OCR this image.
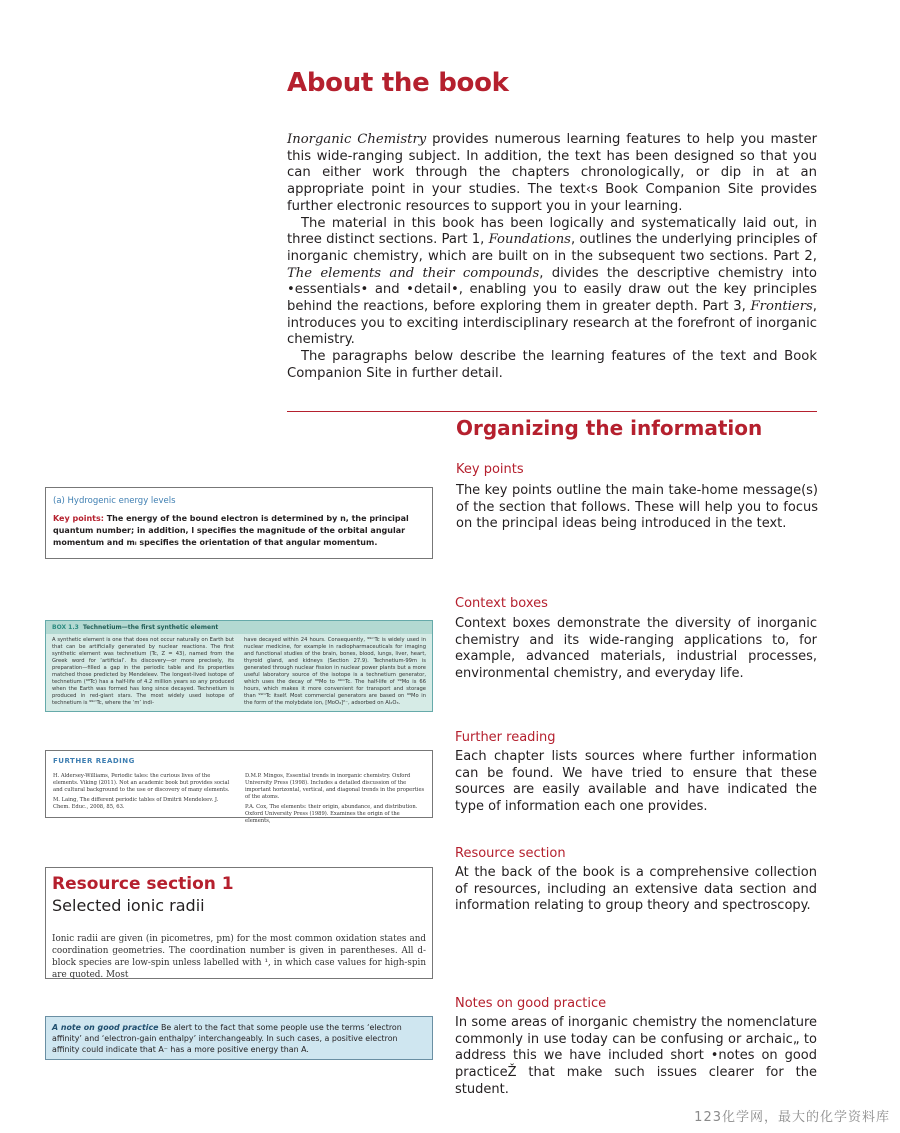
About the book

Inorganic Chemistry provides numerous learning features to help you master this wide-ranging subject. In addition, the text has been designed so that you can either work through the chapters chronologically, or dip in at an appropriate point in your studies. The text‹s Book Companion Site provides further electronic resources to support you in your learning.

The material in this book has been logically and systematically laid out, in three distinct sections. Part 1, Foundations, outlines the underlying principles of inorganic chemistry, which are built on in the subsequent two sections. Part 2, The elements and their compounds, divides the descriptive chemistry into •essentials• and •detail•, enabling you to easily draw out the key principles behind the reactions, before exploring them in greater depth. Part 3, Frontiers, introduces you to exciting interdisciplinary research at the forefront of inorganic chemistry.

The paragraphs below describe the learning features of the text and Book Companion Site in further detail.

Organizing the information
Key points
The key points outline the main take-home message(s) of the section that follows. These will help you to focus on the principal ideas being introduced in the text.
Context boxes
Context boxes demonstrate the diversity of inorganic chemistry and its wide-ranging applications to, for example, advanced materials, industrial processes, environmental chemistry, and everyday life.
Further reading
Each chapter lists sources where further information can be found. We have tried to ensure that these sources are easily available and have indicated the type of information each one provides.
Resource section
At the back of the book is a comprehensive collection of resources, including an extensive data section and information relating to group theory and spectroscopy.
Notes on good practice
In some areas of inorganic chemistry the nomenclature commonly in use today can be confusing or archaic„ to address this we have included short •notes on good practiceŽ that make such issues clearer for the student.
(a) Hydrogenic energy levels
Key points: The energy of the bound electron is determined by n, the principal quantum number; in addition, l specifies the magnitude of the orbital angular momentum and mₗ specifies the orientation of that angular momentum.
BOX 1.3 Technetium—the first synthetic element
A synthetic element is one that does not occur naturally on Earth but that can be artificially generated by nuclear reactions. The first synthetic element was technetium (Tc, Z = 43), named from the Greek word for ‘artificial’. Its discovery—or more precisely, its preparation—filled a gap in the periodic table and its properties matched those predicted by Mendeleev. The longest-lived isotope of technetium (⁹⁸Tc) has a half-life of 4.2 million years so any produced when the Earth was formed has long since decayed. Technetium is produced in red-giant stars. The most widely used isotope of technetium is ⁹⁹ᵐTc, where the ‘m’ indi-
have decayed within 24 hours. Consequently, ⁹⁹ᵐTc is widely used in nuclear medicine, for example in radiopharmaceuticals for imaging and functional studies of the brain, bones, blood, lungs, liver, heart, thyroid gland, and kidneys (Section 27.9). Technetium-99m is generated through nuclear fission in nuclear power plants but a more useful laboratory source of the isotope is a technetium generator, which uses the decay of ⁹⁹Mo to ⁹⁹ᵐTc. The half-life of ⁹⁹Mo is 66 hours, which makes it more convenient for transport and storage than ⁹⁹ᵐTc itself. Most commercial generators are based on ⁹⁹Mo in the form of the molybdate ion, [MoO₄]²⁻, adsorbed on Al₂O₃.
FURTHER READING

H. Aldersey-Williams, Periodic tales: the curious lives of the elements. Viking (2011). Not an academic book but provides social and cultural background to the use or discovery of many elements.

M. Laing, The different periodic tables of Dmitrii Mendeleev. J. Chem. Educ., 2008, 85, 63.

D.M.P. Mingos, Essential trends in inorganic chemistry. Oxford University Press (1998). Includes a detailed discussion of the important horizontal, vertical, and diagonal trends in the properties of the atoms.

P.A. Cox, The elements: their origin, abundance, and distribution. Oxford University Press (1989). Examines the origin of the elements,

Resource section 1
Selected ionic radii
Ionic radii are given (in picometres, pm) for the most common oxidation states and coordination geometries. The coordination number is given in parentheses. All d-block species are low-spin unless labelled with ¹, in which case values for high-spin are quoted. Most
A note on good practice Be alert to the fact that some people use the terms ‘electron affinity’ and ‘electron-gain enthalpy’ interchangeably. In such cases, a positive electron affinity could indicate that A⁻ has a more positive energy than A.
123化学网，最大的化学资料库
